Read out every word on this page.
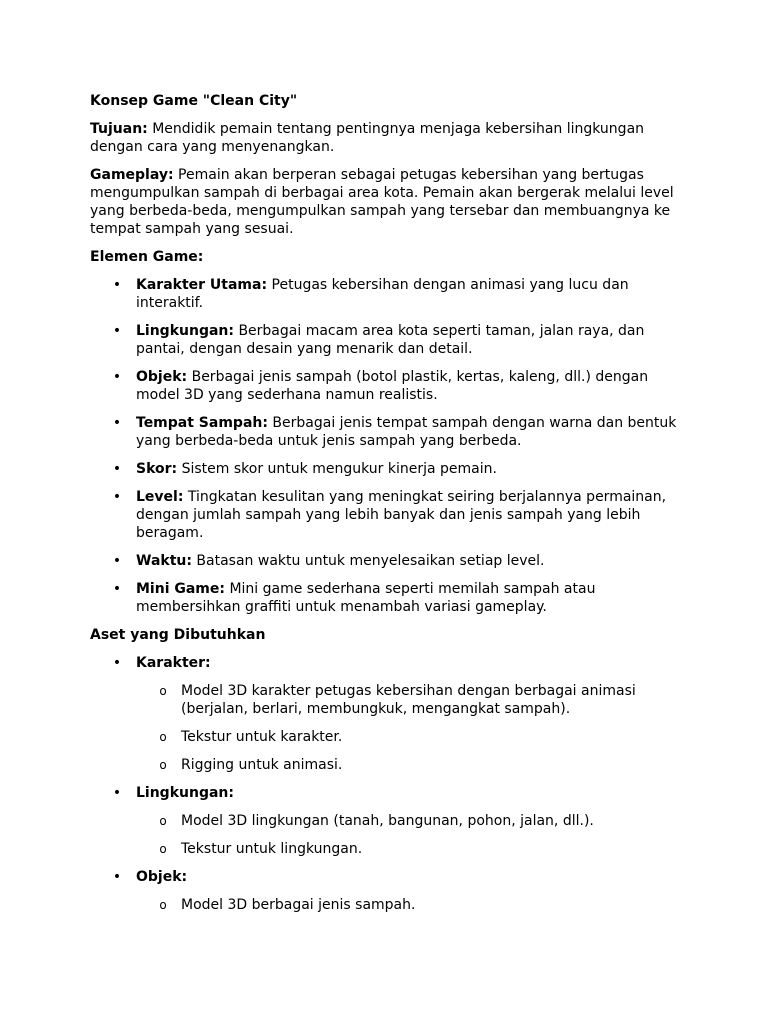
Konsep Game "Clean City"

Tujuan: Mendidik pemain tentang pentingnya menjaga kebersihan lingkungan dengan cara yang menyenangkan.

Gameplay: Pemain akan berperan sebagai petugas kebersihan yang bertugas mengumpulkan sampah di berbagai area kota. Pemain akan bergerak melalui level yang berbeda-beda, mengumpulkan sampah yang tersebar dan membuangnya ke tempat sampah yang sesuai.

Elemen Game:

• Karakter Utama: Petugas kebersihan dengan animasi yang lucu dan interaktif.
• Lingkungan: Berbagai macam area kota seperti taman, jalan raya, dan pantai, dengan desain yang menarik dan detail.
• Objek: Berbagai jenis sampah (botol plastik, kertas, kaleng, dll.) dengan model 3D yang sederhana namun realistis.
• Tempat Sampah: Berbagai jenis tempat sampah dengan warna dan bentuk yang berbeda-beda untuk jenis sampah yang berbeda.
• Skor: Sistem skor untuk mengukur kinerja pemain.
• Level: Tingkatan kesulitan yang meningkat seiring berjalannya permainan, dengan jumlah sampah yang lebih banyak dan jenis sampah yang lebih beragam.
• Waktu: Batasan waktu untuk menyelesaikan setiap level.
• Mini Game: Mini game sederhana seperti memilah sampah atau membersihkan graffiti untuk menambah variasi gameplay.

Aset yang Dibutuhkan

• Karakter:
o Model 3D karakter petugas kebersihan dengan berbagai animasi (berjalan, berlari, membungkuk, mengangkat sampah).
o Tekstur untuk karakter.
o Rigging untuk animasi.
• Lingkungan:
o Model 3D lingkungan (tanah, bangunan, pohon, jalan, dll.).
o Tekstur untuk lingkungan.
• Objek:
o Model 3D berbagai jenis sampah.
